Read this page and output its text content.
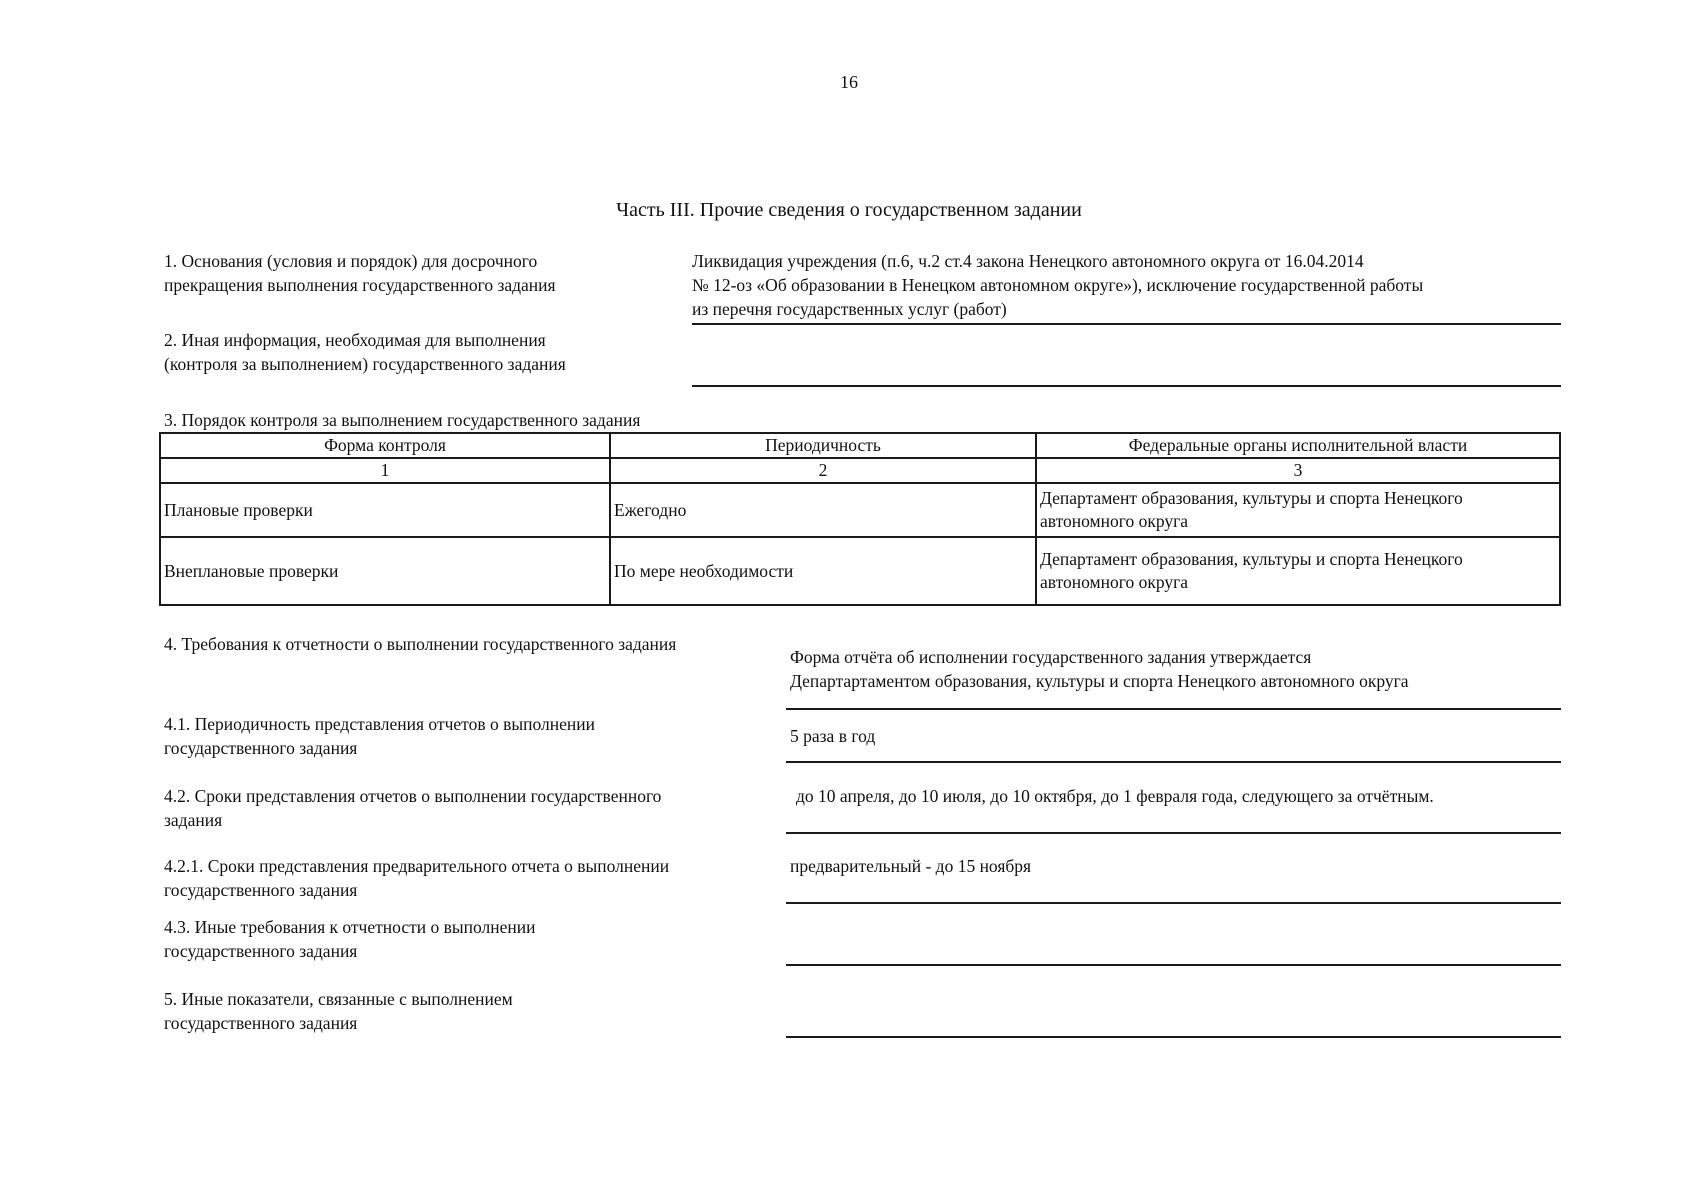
16
Часть III. Прочие сведения о государственном задании
1. Основания (условия и порядок) для досрочного
прекращения выполнения государственного задания
Ликвидация учреждения (п.6, ч.2 ст.4 закона Ненецкого автономного округа от 16.04.2014
№ 12-оз «Об образовании в Ненецком автономном округе»), исключение государственной работы
из перечня государственных услуг (работ)
2. Иная информация, необходимая для выполнения
(контроля за выполнением) государственного задания
3. Порядок контроля за выполнением государственного задания
Форма контроля	Периодичность	Федеральные органы исполнительной власти
1	2	3
Плановые проверки	Ежегодно	Департамент образования, культуры и спорта Ненецкого автономного округа
Внеплановые проверки	По мере необходимости	Департамент образования, культуры и спорта Ненецкого автономного округа
4. Требования к отчетности о выполнении государственного задания
Форма отчёта об исполнении государственного задания утверждается
Департартаментом образования, культуры и спорта Ненецкого автономного округа
4.1. Периодичность представления отчетов о выполнении
государственного задания
5 раза в год
4.2. Сроки представления отчетов о выполнении государственного
задания
до 10 апреля, до 10 июля, до 10 октября, до 1 февраля года, следующего за отчётным.
4.2.1. Сроки представления предварительного отчета о выполнении
государственного задания
предварительный - до 15 ноября
4.3. Иные требования к отчетности о выполнении
государственного задания
5. Иные показатели, связанные с выполнением
государственного задания
